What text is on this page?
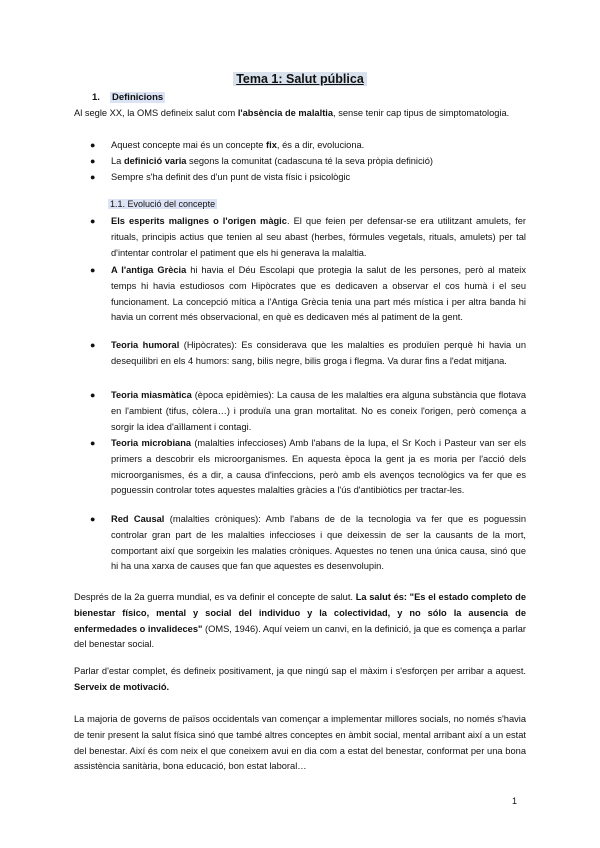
Tema 1: Salut pública
1. Definicions
Al segle XX, la OMS defineix salut com l'absència de malaltia, sense tenir cap tipus de simptomatologia.
● Aquest concepte mai és un concepte fix, és a dir, evoluciona.
● La definició varia segons la comunitat (cadascuna té la seva pròpia definició)
● Sempre s'ha definit des d'un punt de vista físic i psicològic
1.1. Evolució del concepte
● Els esperits malignes o l'origen màgic. El que feien per defensar-se era utilitzant amulets, fer rituals, principis actius que tenien al seu abast (herbes, fórmules vegetals, rituals, amulets) per tal d'intentar controlar el patiment que els hi generava la malaltia.
● A l'antiga Grècia hi havia el Déu Escolapi que protegia la salut de les persones, però al mateix temps hi havia estudiosos com Hipòcrates que es dedicaven a observar el cos humà i el seu funcionament. La concepció mítica a l'Antiga Grècia tenia una part més mística i per altra banda hi havia un corrent més observacional, en què es dedicaven més al patiment de la gent.
● Teoria humoral (Hipòcrates): Es considerava que les malalties es produïen perquè hi havia un desequilibri en els 4 humors: sang, bilis negre, bilis groga i flegma. Va durar fins a l'edat mitjana.
● Teoria miasmàtica (època epidèmies): La causa de les malalties era alguna substància que flotava en l'ambient (tifus, còlera…) i produïa una gran mortalitat. No es coneix l'origen, però comença a sorgir la idea d'aïllament i contagi.
● Teoria microbiana (malalties infeccioses) Amb l'abans de la lupa, el Sr Koch i Pasteur van ser els primers a descobrir els microorganismes. En aquesta època la gent ja es moria per l'acció dels microorganismes, és a dir, a causa d'infeccions, però amb els avenços tecnològics va fer que es poguessin controlar totes aquestes malalties gràcies a l'ús d'antibiòtics per tractar-les.
● Red Causal (malalties cròniques): Amb l'abans de de la tecnologia va fer que es poguessin controlar gran part de les malalties infeccioses i que deixessin de ser la causants de la mort, comportant així que sorgeixin les malaties cròniques. Aquestes no tenen una única causa, sinó que hi ha una xarxa de causes que fan que aquestes es desenvolupin.
Després de la 2a guerra mundial, es va definir el concepte de salut. La salut és: "Es el estado completo de bienestar físico, mental y social del individuo y la colectividad, y no sólo la ausencia de enfermedades o invalideces" (OMS, 1946). Aquí veiem un canvi, en la definició, ja que es comença a parlar del benestar social.
Parlar d'estar complet, és defineix positivament, ja que ningú sap el màxim i s'esforçen per arribar a aquest. Serveix de motivació.
La majoria de governs de països occidentals van començar a implementar millores socials, no només s'havia de tenir present la salut física sinó que també altres conceptes en àmbit social, mental arribant així a un estat del benestar. Així és com neix el que coneixem avui en dia com a estat del benestar, conformat per una bona assistència sanitària, bona educació, bon estat laboral…
1
